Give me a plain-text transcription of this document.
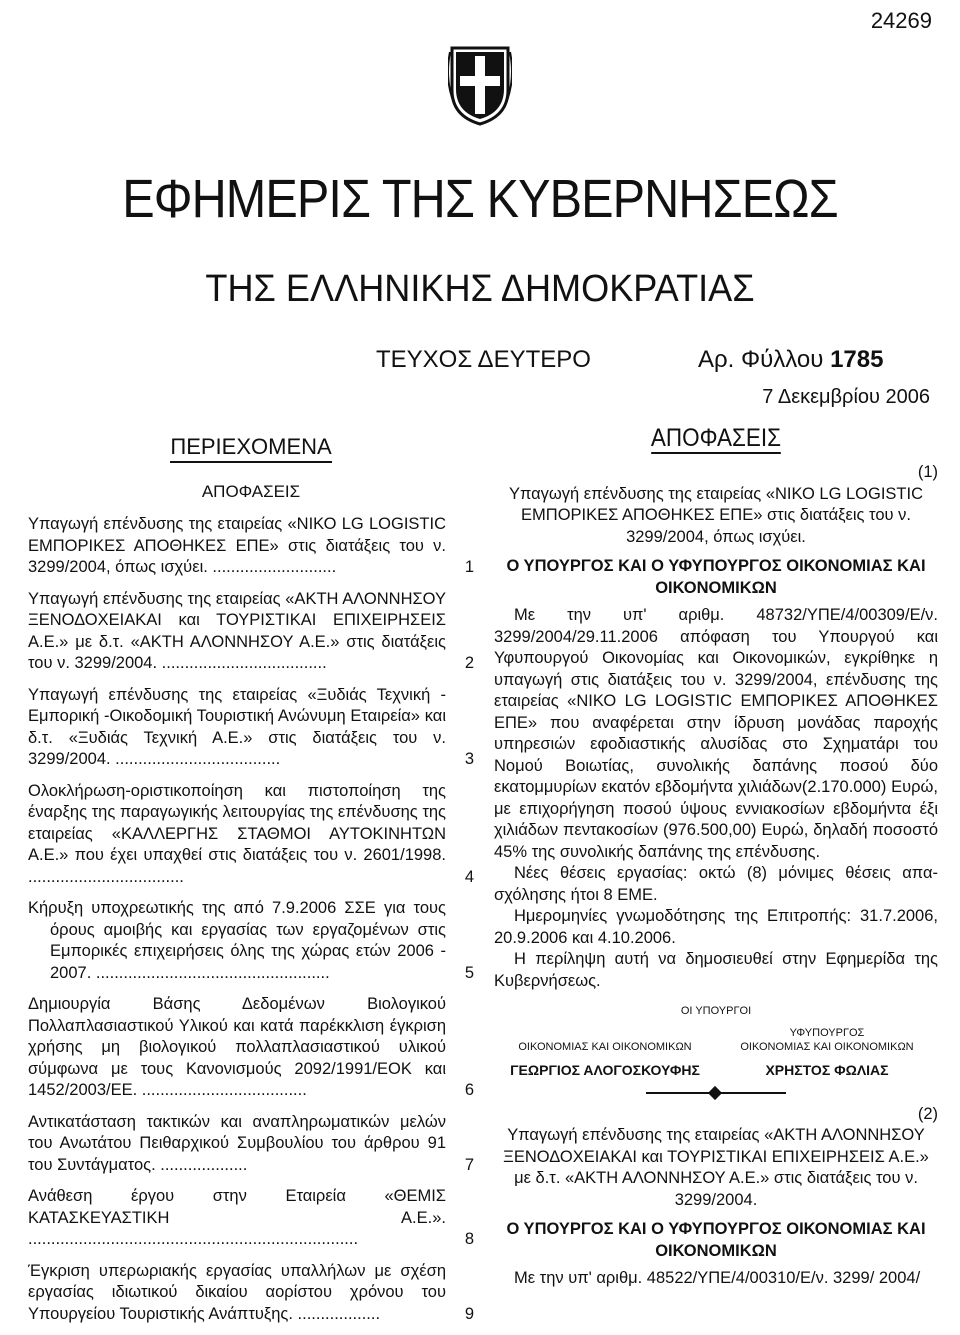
24269
ΕΦΗΜΕΡΙΣ ΤΗΣ ΚΥΒΕΡΝΗΣΕΩΣ
ΤΗΣ ΕΛΛΗΝΙΚΗΣ ΔΗΜΟΚΡΑΤΙΑΣ
ΤΕΥΧΟΣ ΔΕΥΤΕΡΟ	Αρ. Φύλλου 1785
7 Δεκεμβρίου 2006
ΠΕΡΙΕΧΟΜΕΝΑ
ΑΠΟΦΑΣΕΙΣ
Υπαγωγή επένδυσης της εταιρείας «ΝΙΚΟ LG LOGISTIC ΕΜΠΟΡΙΚΕΣ ΑΠΟΘΗΚΕΣ ΕΠΕ» στις διατάξεις του ν. 3299/2004, όπως ισχύει. ...........................	1
Υπαγωγή επένδυσης της εταιρείας «ΑΚΤΗ ΑΛΟΝΝΗΣΟΥ ΞΕΝΟΔΟΧΕΙΑΚΑΙ και ΤΟΥΡΙΣΤΙΚΑΙ ΕΠΙΧΕΙΡΗΣΕΙΣ Α.Ε.» με δ.τ. «ΑΚΤΗ ΑΛΟΝΝΗΣΟΥ Α.Ε.» στις διατάξεις του ν. 3299/2004. ....................................	2
Υπαγωγή επένδυσης της εταιρείας «Ξυδιάς Τεχνική ‑ Εμπορική ‑Οικοδομική Τουριστική Ανώνυμη Εταιρεία» και δ.τ. «Ξυδιάς Τεχνική Α.Ε.» στις διατάξεις του ν. 3299/2004. ....................................	3
Ολοκλήρωση‑οριστικοποίηση και πιστοποίηση της έναρξης της παραγωγικής λειτουργίας της επένδυσης της εταιρείας «ΚΑΛΛΕΡΓΗΣ ΣΤΑΘΜΟΙ ΑΥΤΟΚΙΝΗΤΩΝ Α.Ε.» που έχει υπαχθεί στις διατάξεις του ν. 2601/1998. ..................................	4
Κήρυξη υποχρεωτικής της από 7.9.2006 ΣΣΕ για τους όρους αμοιβής και εργασίας των εργαζομένων στις Εμπορικές επιχειρήσεις όλης της χώρας ετών 2006 ‑ 2007. ...................................................	5
Δημιουργία Βάσης Δεδομένων Βιολογικού Πολλαπλασιαστικού Υλικού και κατά παρέκκλιση έγκριση χρήσης μη βιολογικού πολλαπλασιαστικού υλικού σύμφωνα με τους Κανονισμούς 2092/1991/ΕΟΚ και 1452/2003/ΕΕ. ....................................	6
Αντικατάσταση τακτικών και αναπληρωματικών μελών του Ανωτάτου Πειθαρχικού Συμβουλίου του άρθρου 91 του Συντάγματος. ...................	7
Ανάθεση έργου στην Εταιρεία «ΘΕΜΙΣ ΚΑΤΑΣΚΕΥΑΣΤΙΚΗ Α.Ε.». ........................................................................	8
Έγκριση υπερωριακής εργασίας υπαλλήλων με σχέση εργασίας ιδιωτικού δικαίου αορίστου χρόνου του Υπουργείου Τουριστικής Ανάπτυξης. ..................	9
ΑΠΟΦΑΣΕΙΣ
(1)
Υπαγωγή επένδυσης της εταιρείας «ΝΙΚΟ LG LOGISTIC ΕΜΠΟΡΙΚΕΣ ΑΠΟΘΗΚΕΣ ΕΠΕ» στις διατάξεις του ν. 3299/2004, όπως ισχύει.
Ο ΥΠΟΥΡΓΟΣ ΚΑΙ Ο ΥΦΥΠΟΥΡΓΟΣ ΟΙΚΟΝΟΜΙΑΣ ΚΑΙ ΟΙΚΟΝΟΜΙΚΩΝ
Με την υπ' αριθμ. 48732/ΥΠΕ/4/00309/Ε/ν. 3299/2004/29.11.2006 απόφαση του Υπουργού και Υφυπουργού Οικονομίας και Οικονομικών, εγκρίθηκε η υπαγωγή στις διατάξεις του ν. 3299/2004, επένδυσης της εταιρείας «ΝΙΚΟ LG LOGISTIC ΕΜΠΟΡΙΚΕΣ ΑΠΟΘΗΚΕΣ ΕΠΕ» που αναφέρεται στην ίδρυση μονάδας παροχής υπηρεσιών εφοδιαστικής αλυσίδας στο Σχηματάρι του Νομού Βοιωτίας, συνολικής δαπάνης ποσού δύο εκατομμυρίων εκατόν εβδομήντα χιλιάδων(2.170.000) Ευρώ, με επιχορήγηση ποσού ύψους εννιακοσίων εβδομήντα έξι χιλιάδων πεντακοσίων (976.500,00) Ευρώ, δηλαδή ποσοστό 45% της συνολικής δαπάνης της επένδυσης.
Νέες θέσεις εργασίας: οκτώ (8) μόνιμες θέσεις απασχόλησης ήτοι 8 ΕΜΕ.
Ημερομηνίες γνωμοδότησης της Επιτροπής: 31.7.2006, 20.9.2006 και 4.10.2006.
Η περίληψη αυτή να δημοσιευθεί στην Εφημερίδα της Κυβερνήσεως.
ΟΙ ΥΠΟΥΡΓΟΙ

ΟΙΚΟΝΟΜΙΑΣ ΚΑΙ ΟΙΚΟΝΟΜΙΚΩΝ
ΓΕΩΡΓΙΟΣ ΑΛΟΓΟΣΚΟΥΦΗΣ
ΥΦΥΠΟΥΡΓΟΣ
ΟΙΚΟΝΟΜΙΑΣ ΚΑΙ ΟΙΚΟΝΟΜΙΚΩΝ
ΧΡΗΣΤΟΣ ΦΩΛΙΑΣ
(2)
Υπαγωγή επένδυσης της εταιρείας «ΑΚΤΗ ΑΛΟΝΝΗΣΟΥ ΞΕΝΟΔΟΧΕΙΑΚΑΙ και ΤΟΥΡΙΣΤΙΚΑΙ ΕΠΙΧΕΙΡΗΣΕΙΣ Α.Ε.» με δ.τ. «ΑΚΤΗ ΑΛΟΝΝΗΣΟΥ Α.Ε.» στις διατάξεις του ν. 3299/2004.
Ο ΥΠΟΥΡΓΟΣ ΚΑΙ Ο ΥΦΥΠΟΥΡΓΟΣ ΟΙΚΟΝΟΜΙΑΣ ΚΑΙ ΟΙΚΟΝΟΜΙΚΩΝ
Με την υπ' αριθμ. 48522/ΥΠΕ/4/00310/Ε/ν. 3299/ 2004/
